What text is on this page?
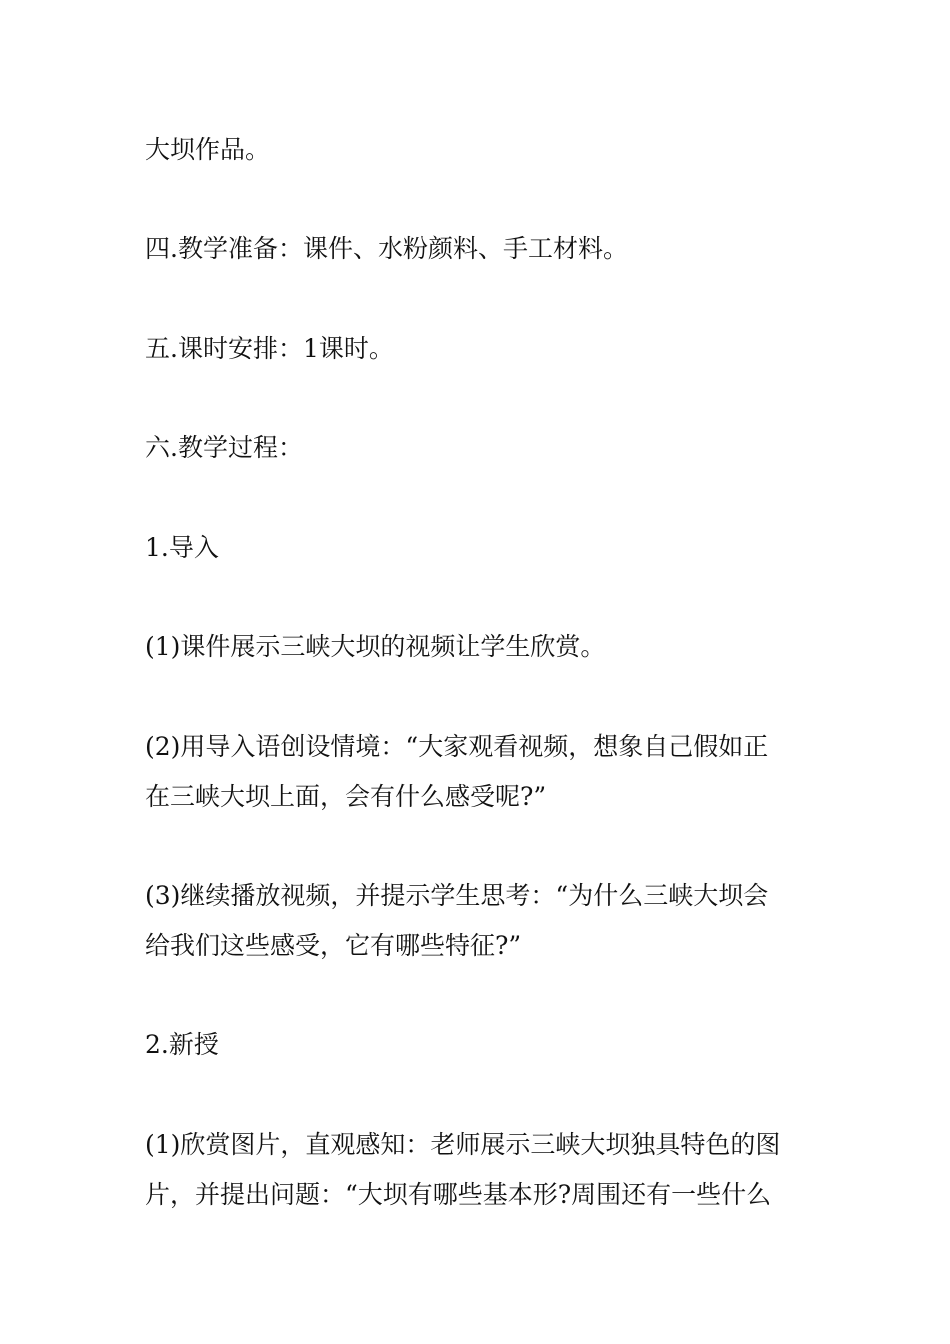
大坝作品。
四.教学准备：课件、水粉颜料、手工材料。
五.课时安排：1课时。
六.教学过程：
1.导入
(1)课件展示三峡大坝的视频让学生欣赏。
(2)用导入语创设情境：“大家观看视频，想象自己假如正
在三峡大坝上面，会有什么感受呢?”
(3)继续播放视频，并提示学生思考：“为什么三峡大坝会
给我们这些感受，它有哪些特征?”
2.新授
(1)欣赏图片，直观感知：老师展示三峡大坝独具特色的图
片，并提出问题：“大坝有哪些基本形?周围还有一些什么
